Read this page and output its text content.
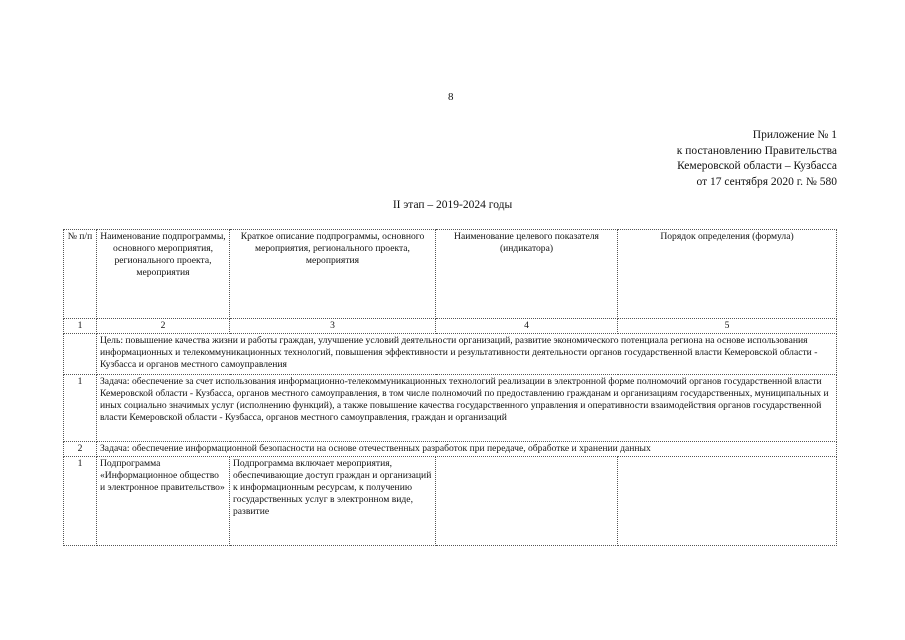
8
Приложение № 1
к постановлению Правительства
Кемеровской области – Кузбасса
от 17 сентября 2020 г. № 580
II этап – 2019-2024 годы
№ п/п	Наименование подпрограммы, основного мероприятия, регионального проекта, мероприятия	Краткое описание подпрограммы, основного мероприятия, регионального проекта, мероприятия	Наименование целевого показателя (индикатора)	Порядок определения (формула)
1	2	3	4	5
	Цель: повышение качества жизни и работы граждан, улучшение условий деятельности организаций, развитие экономического потенциала региона на основе использования информационных и телекоммуникационных технологий, повышения эффективности и результативности деятельности органов государственной власти Кемеровской области - Кузбасса и органов местного самоуправления			
1	Задача: обеспечение за счет использования информационно-телекоммуникационных технологий реализации в электронной форме полномочий органов государственной власти Кемеровской области - Кузбасса, органов местного самоуправления, в том числе полномочий по предоставлению гражданам и организациям государственных, муниципальных и иных социально значимых услуг (исполнению функций), а также повышение качества государственного управления и оперативности взаимодействия органов государственной власти Кемеровской области - Кузбасса, органов местного самоуправления, граждан и организаций			
2	Задача: обеспечение информационной безопасности на основе отечественных разработок при передаче, обработке и хранении данных			
1	Подпрограмма «Информационное общество и электронное правительство»	Подпрограмма включает мероприятия, обеспечивающие доступ граждан и организаций к информационным ресурсам, к получению государственных услуг в электронном виде, развитие		
